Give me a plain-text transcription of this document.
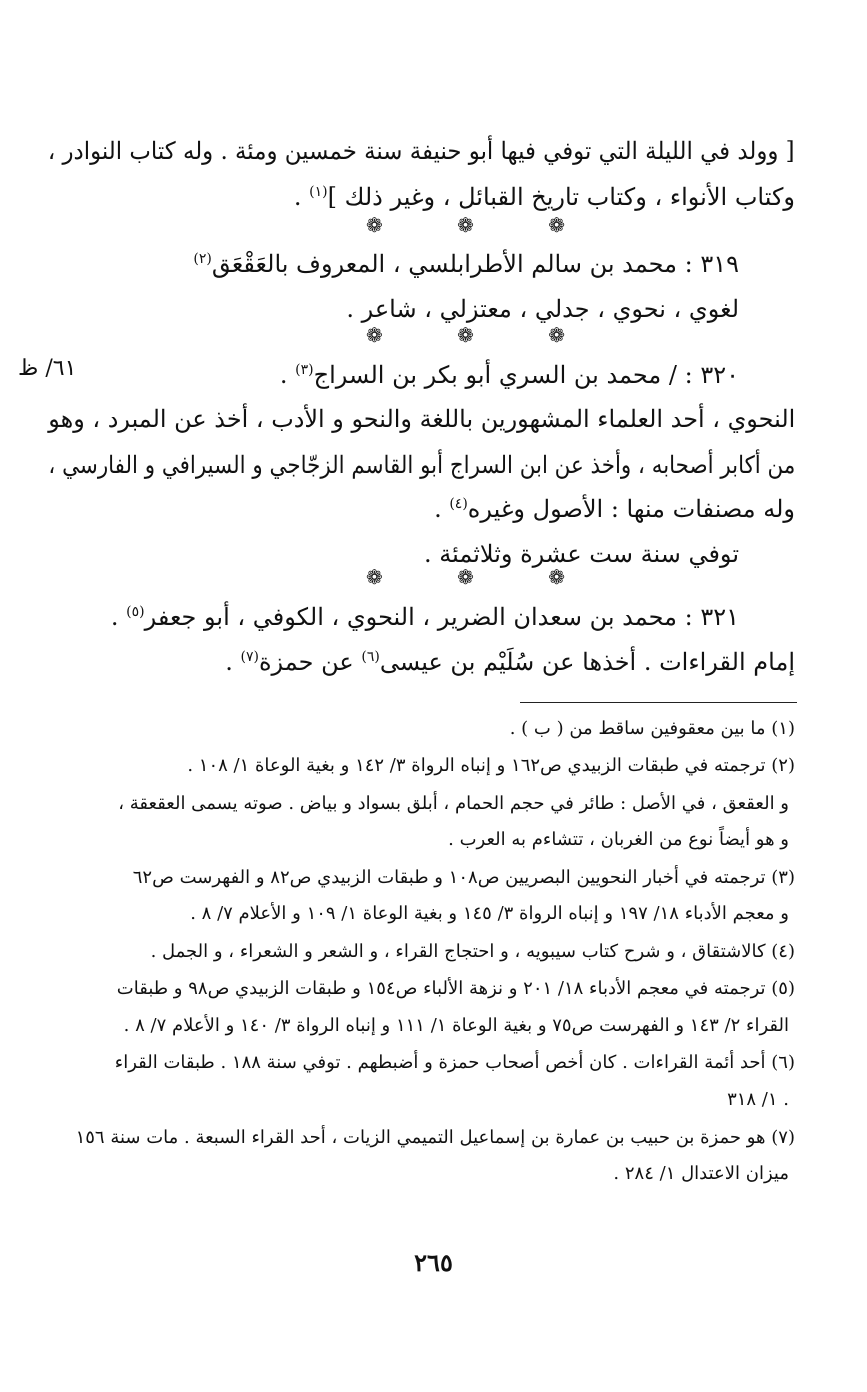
[ وولد في الليلة التي توفي فيها أبو حنيفة سنة خمسين ومئة . وله كتاب النوادر ،
وكتاب الأنواء ، وكتاب تاريخ القبائل ، وغير ذلك ]$^{(١)}$ .
❁ ❁ ❁
٣١٩ : محمد بن سالم الأطرابلسي ، المعروف بالعَقْعَق$^{(٢)}$
لغوي ، نحوي ، جدلي ، معتزلي ، شاعر .
❁ ❁ ❁
٦١/ ظ	٣٢٠ : / محمد بن السري أبو بكر بن السراج$^{(٣)}$ .
النحوي ، أحد العلماء المشهورين باللغة والنحو و الأدب ، أخذ عن المبرد ، وهو
من أكابر أصحابه ، وأخذ عن ابن السراج أبو القاسم الزجّاجي و السيرافي و الفارسي ،
وله مصنفات منها : الأصول وغيره$^{(٤)}$ .
توفي سنة ست عشرة وثلاثمئة .
❁ ❁ ❁
٣٢١ : محمد بن سعدان الضرير ، النحوي ، الكوفي ، أبو جعفر$^{(٥)}$ .
إمام القراءات . أخذها عن سُلَيْم بن عيسى$^{(٦)}$ عن حمزة$^{(٧)}$ .
(١) ما بين معقوفين ساقط من ( ب ) .
(٢) ترجمته في طبقات الزبيدي ص١٦٢ و إنباه الرواة ٣/ ١٤٢ و بغية الوعاة ١/ ١٠٨ .
و العقعق ، في الأصل : طائر في حجم الحمام ، أبلق بسواد و بياض . صوته يسمى العقعقة ،
و هو أيضاً نوع من الغربان ، تتشاءم به العرب .
(٣) ترجمته في أخبار النحويين البصريين ص١٠٨ و طبقات الزبيدي ص٨٢ و الفهرست ص٦٢
و معجم الأدباء ١٨/ ١٩٧ و إنباه الرواة ٣/ ١٤٥ و بغية الوعاة ١/ ١٠٩ و الأعلام ٧/ ٨ .
(٤) كالاشتقاق ، و شرح كتاب سيبويه ، و احتجاج القراء ، و الشعر و الشعراء ، و الجمل .
(٥) ترجمته في معجم الأدباء ١٨/ ٢٠١ و نزهة الألباء ص١٥٤ و طبقات الزبيدي ص٩٨ و طبقات
القراء ٢/ ١٤٣ و الفهرست ص٧٥ و بغية الوعاة ١/ ١١١ و إنباه الرواة ٣/ ١٤٠ و الأعلام ٧/ ٨ .
(٦) أحد أئمة القراءات . كان أخص أصحاب حمزة و أضبطهم . توفي سنة ١٨٨ . طبقات القراء
١/ ٣١٨ .
(٧) هو حمزة بن حبيب بن عمارة بن إسماعيل التميمي الزيات ، أحد القراء السبعة . مات سنة ١٥٦
ميزان الاعتدال ١/ ٢٨٤ .
٢٦٥
